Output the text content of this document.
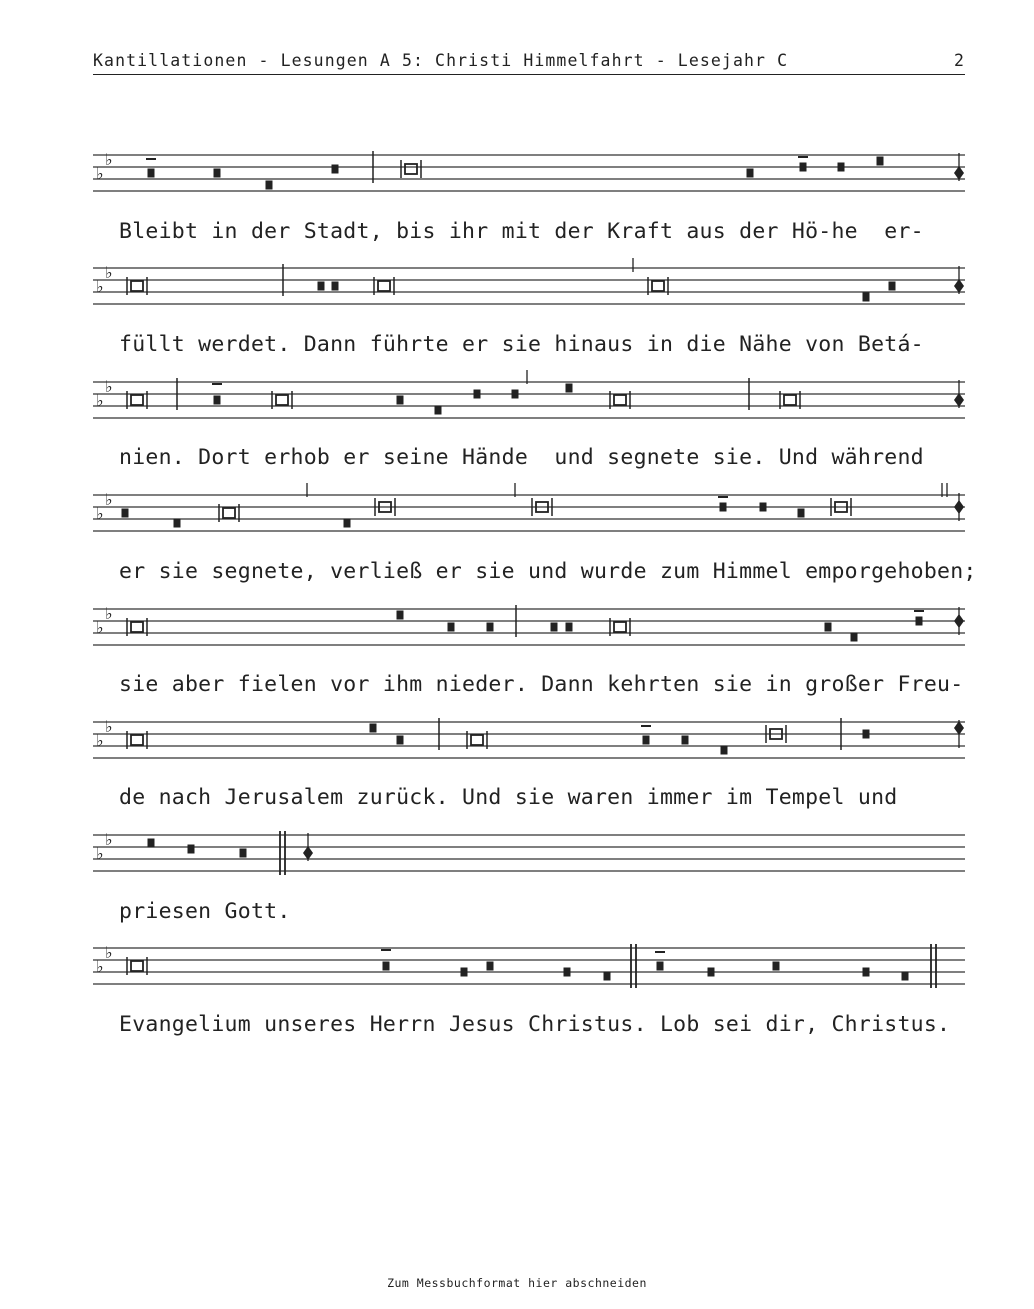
Kantillationen - Lesungen A 5: Christi Himmelfahrt - Lesejahr C	2
♭
♭
Bleibt in der Stadt, bis ihr mit der Kraft aus der Hö-he  er-
♭
♭
füllt werdet. Dann führte er sie hinaus in die Nähe von Betá-
♭
♭
nien. Dort erhob er seine Hände  und segnete sie. Und während
♭
♭
er sie segnete, verließ er sie und wurde zum Himmel emporgehoben;
♭
♭
sie aber fielen vor ihm nieder. Dann kehrten sie in großer Freu-
♭
♭
de nach Jerusalem zurück. Und sie waren immer im Tempel und
♭
♭
priesen Gott.
♭
♭
Evangelium unseres Herrn Jesus Christus. Lob sei dir, Christus.
Zum Messbuchformat hier abschneiden
